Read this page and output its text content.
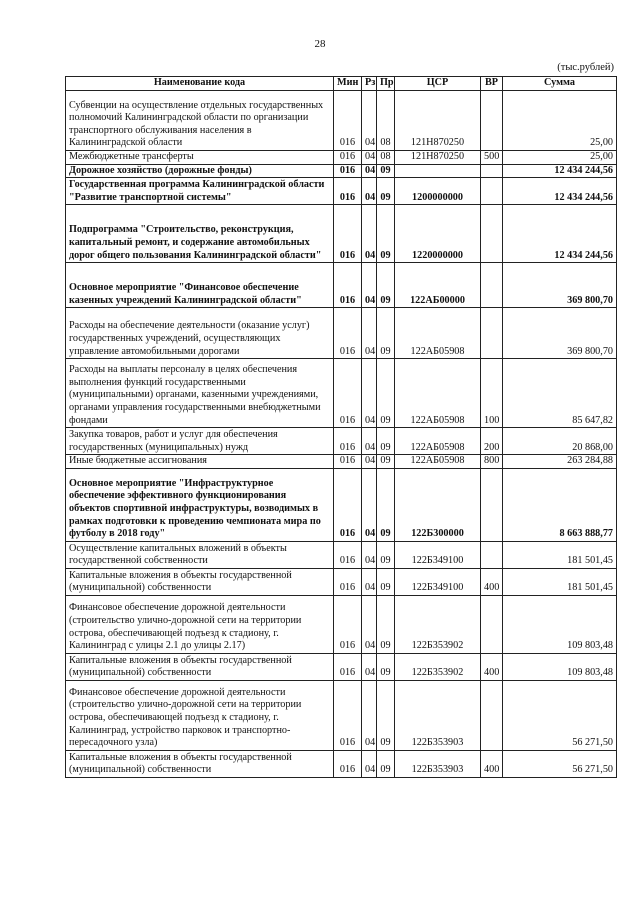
28
(тыс.рублей)
Наименование кода	Мин	Рз	Пр	ЦСР	ВР	Сумма
Субвенции на осуществление отдельных государственных полномочий Калининградской области по организации транспортного обслуживания населения в Калининградской области	016	04	08	121Н870250		25,00
Межбюджетные трансферты	016	04	08	121Н870250	500	25,00
Дорожное хозяйство (дорожные фонды)	016	04	09			12 434 244,56
Государственная программа Калининградской области "Развитие транспортной системы"	016	04	09	1200000000		12 434 244,56
Подпрограмма "Строительство, реконструкция, капитальный ремонт, и содержание автомобильных дорог общего пользования Калининградской области"	016	04	09	1220000000		12 434 244,56
Основное мероприятие "Финансовое обеспечение казенных учреждений Калининградской области"	016	04	09	122АБ00000		369 800,70
Расходы на обеспечение деятельности (оказание услуг) государственных учреждений, осуществляющих управление автомобильными дорогами	016	04	09	122АБ05908		369 800,70
Расходы на выплаты персоналу в целях обеспечения выполнения функций государственными (муниципальными) органами, казенными учреждениями, органами управления государственными внебюджетными фондами	016	04	09	122АБ05908	100	85 647,82
Закупка товаров, работ и услуг для обеспечения государственных (муниципальных) нужд	016	04	09	122АБ05908	200	20 868,00
Иные бюджетные ассигнования	016	04	09	122АБ05908	800	263 284,88
Основное мероприятие "Инфраструктурное обеспечение эффективного функционирования объектов спортивной инфраструктуры, возводимых в рамках подготовки к проведению чемпионата мира по футболу в 2018 году"	016	04	09	122Б300000		8 663 888,77
Осуществление капитальных вложений в объекты государственной собственности	016	04	09	122Б349100		181 501,45
Капитальные вложения в объекты государственной (муниципальной) собственности	016	04	09	122Б349100	400	181 501,45
Финансовое обеспечение дорожной деятельности (строительство улично-дорожной сети на территории острова, обеспечивающей подъезд к стадиону, г. Калининград с улицы 2.1 до улицы 2.17)	016	04	09	122Б353902		109 803,48
Капитальные вложения в объекты государственной (муниципальной) собственности	016	04	09	122Б353902	400	109 803,48
Финансовое обеспечение дорожной деятельности (строительство улично-дорожной сети на территории острова, обеспечивающей подъезд к стадиону, г. Калининград, устройство парковок и транспортно-пересадочного узла)	016	04	09	122Б353903		56 271,50
Капитальные вложения в объекты государственной (муниципальной) собственности	016	04	09	122Б353903	400	56 271,50
